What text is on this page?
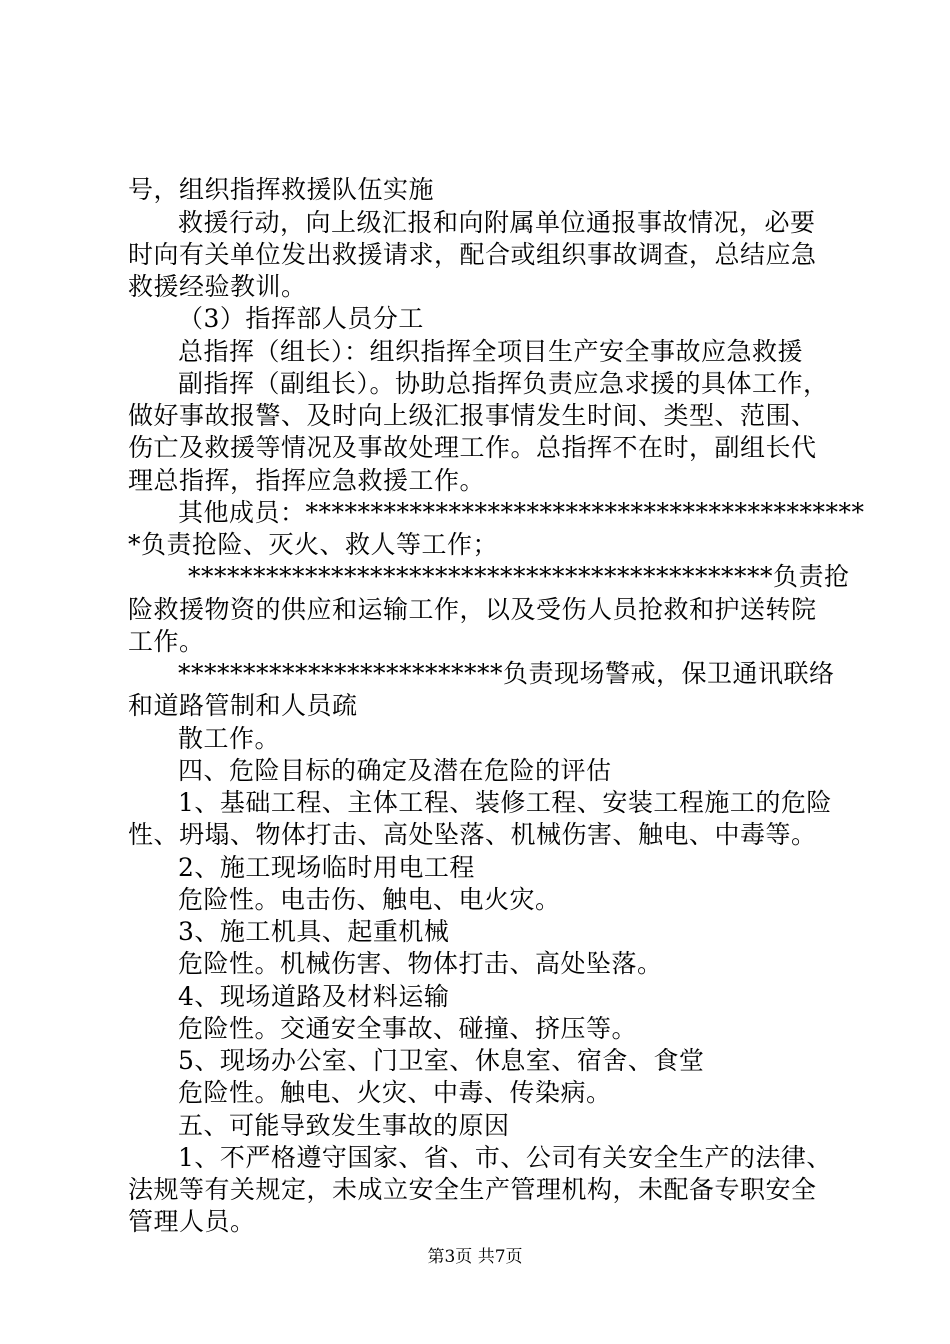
号，组织指挥救援队伍实施
救援行动，向上级汇报和向附属单位通报事故情况，必要
时向有关单位发出救援请求，配合或组织事故调查，总结应急
救援经验教训。
（3）指挥部人员分工
总指挥（组长）：组织指挥全项目生产安全事故应急救援
副指挥（副组长）。协助总指挥负责应急求援的具体工作，
做好事故报警、及时向上级汇报事情发生时间、类型、范围、
伤亡及救援等情况及事故处理工作。总指挥不在时，副组长代
理总指挥，指挥应急救援工作。
其他成员：*******************************************
*负责抢险、灭火、救人等工作；
*********************************************负责抢
险救援物资的供应和运输工作，以及受伤人员抢救和护送转院
工作。
*************************负责现场警戒，保卫通讯联络
和道路管制和人员疏
散工作。
四、危险目标的确定及潜在危险的评估
1、基础工程、主体工程、装修工程、安装工程施工的危险
性、坍塌、物体打击、高处坠落、机械伤害、触电、中毒等。
2、施工现场临时用电工程
危险性。电击伤、触电、电火灾。
3、施工机具、起重机械
危险性。机械伤害、物体打击、高处坠落。
4、现场道路及材料运输
危险性。交通安全事故、碰撞、挤压等。
5、现场办公室、门卫室、休息室、宿舍、食堂
危险性。触电、火灾、中毒、传染病。
五、可能导致发生事故的原因
1、不严格遵守国家、省、市、公司有关安全生产的法律、
法规等有关规定，未成立安全生产管理机构，未配备专职安全
管理人员。
第3页 共7页
